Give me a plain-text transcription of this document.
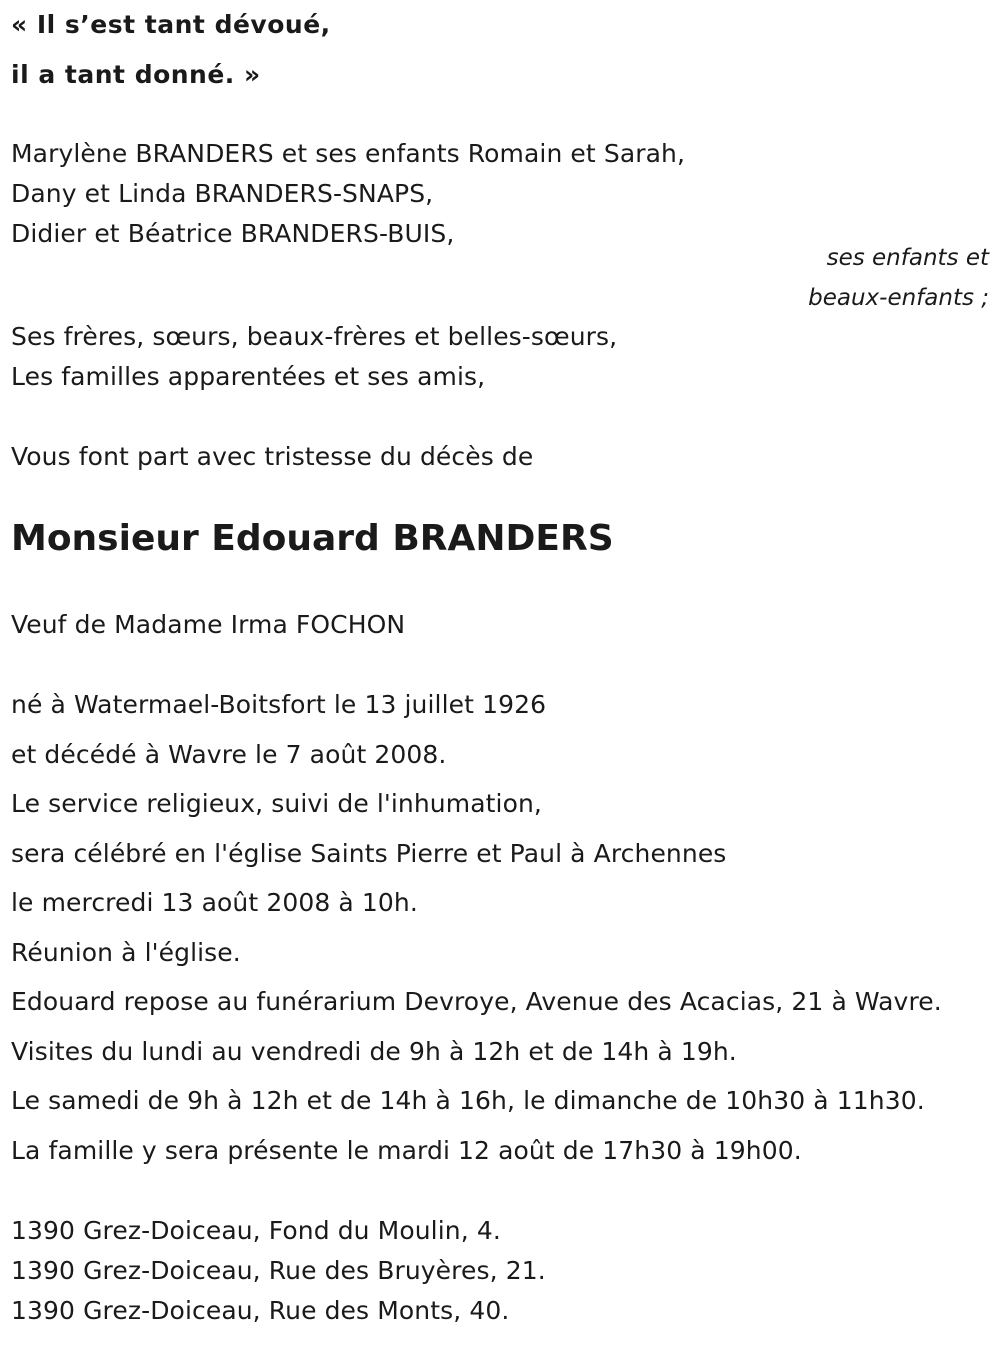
« Il s’est tant dévoué,
il a tant donné. »
Marylène BRANDERS et ses enfants Romain et Sarah,
Dany et Linda BRANDERS-SNAPS,
Didier et Béatrice BRANDERS-BUIS,
ses enfants et
beaux-enfants ;
Ses frères, sœurs, beaux-frères et belles-sœurs,
Les familles apparentées et ses amis,
Vous font part avec tristesse du décès de
Monsieur Edouard BRANDERS
Veuf de Madame Irma FOCHON
né à Watermael-Boitsfort le 13 juillet 1926
et décédé à Wavre le 7 août 2008.
Le service religieux, suivi de l'inhumation,
sera célébré en l'église Saints Pierre et Paul à Archennes
le mercredi 13 août 2008 à 10h.
Réunion à l'église.
Edouard repose au funérarium Devroye, Avenue des Acacias, 21 à Wavre.
Visites du lundi au vendredi de 9h à 12h et de 14h à 19h.
Le samedi de 9h à 12h et de 14h à 16h, le dimanche de 10h30 à 11h30.
La famille y sera présente le mardi 12 août de 17h30 à 19h00.
1390 Grez-Doiceau, Fond du Moulin, 4.
1390 Grez-Doiceau, Rue des Bruyères, 21.
1390 Grez-Doiceau, Rue des Monts, 40.
